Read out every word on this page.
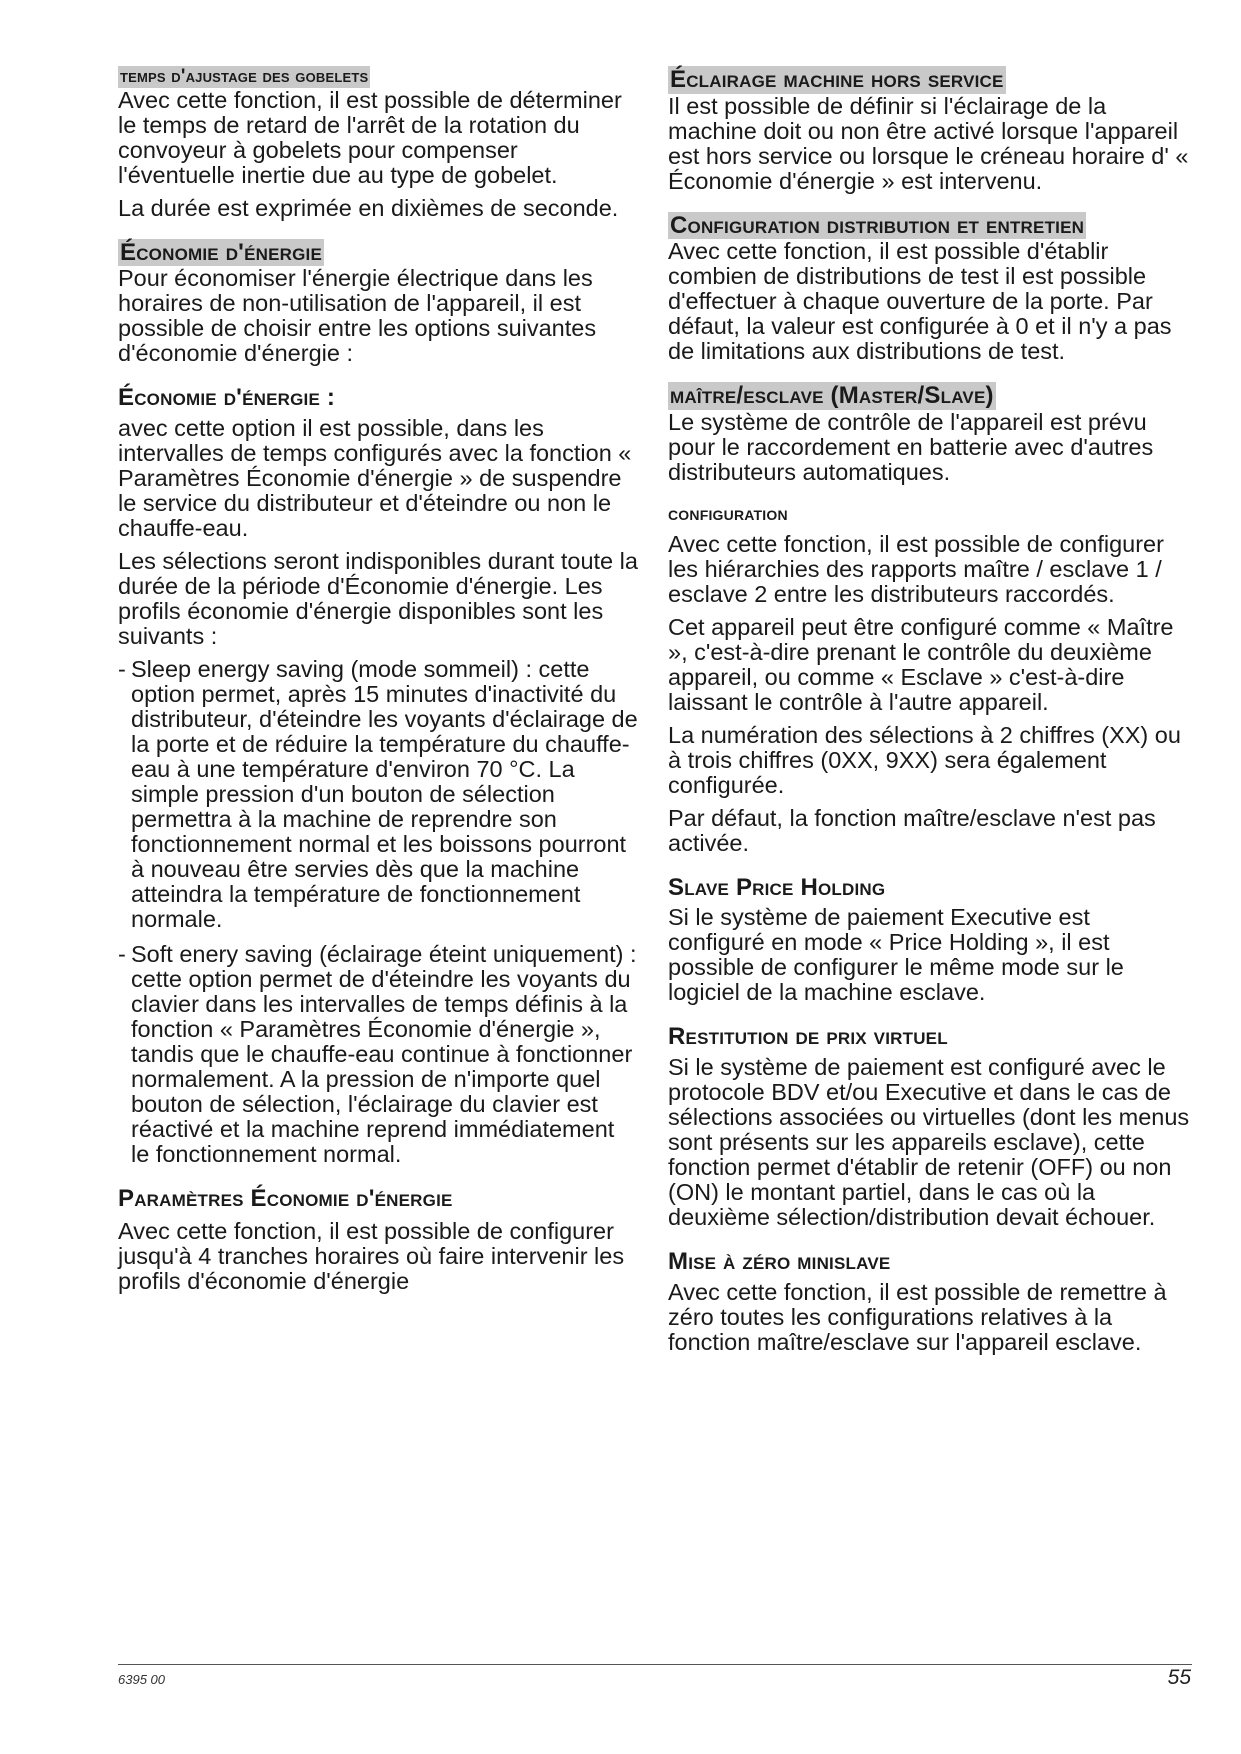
temps d'ajustage des gobelets

Avec cette fonction, il est possible de déterminer le temps de retard de l'arrêt de la rotation du convoyeur à gobelets pour compenser l'éventuelle inertie due au type de gobelet.

La durée est exprimée en dixièmes de seconde.

Économie d'énergie

Pour économiser l'énergie électrique dans les horaires de non-utilisation de l'appareil, il est possible de choisir entre les options suivantes d'économie d'énergie :

Économie d'énergie :

avec cette option il est possible, dans les intervalles de temps configurés avec la fonction « Paramètres Économie d'énergie » de suspendre le service du distributeur et d'éteindre ou non le chauffe-eau.

Les sélections seront indisponibles durant toute la durée de la période d'Économie d'énergie. Les profils économie d'énergie disponibles sont les suivants :

- Sleep energy saving (mode sommeil) : cette option permet, après 15 minutes d'inactivité du distributeur, d'éteindre les voyants d'éclairage de la porte et de réduire la température du chauffe-eau à une température d'environ 70 °C. La simple pression d'un bouton de sélection permettra à la machine de reprendre son fonctionnement normal et les boissons pourront à nouveau être servies dès que la machine atteindra la température de fonctionnement normale.
- Soft enery saving (éclairage éteint uniquement) : cette option permet de d'éteindre les voyants du clavier dans les intervalles de temps définis à la fonction « Paramètres Économie d'énergie », tandis que le chauffe-eau continue à fonctionner normalement. A la pression de n'importe quel bouton de sélection, l'éclairage du clavier est réactivé et la machine reprend immédiatement le fonctionnement normal.
Paramètres Économie d'énergie

Avec cette fonction, il est possible de configurer jusqu'à 4 tranches horaires où faire intervenir les profils d'économie d'énergie

Éclairage machine hors service

Il est possible de définir si l'éclairage de la machine doit ou non être activé lorsque l'appareil est hors service ou lorsque le créneau horaire d' « Économie d'énergie » est intervenu.

Configuration distribution et entretien

Avec cette fonction, il est possible d'établir combien de distributions de test il est possible d'effectuer à chaque ouverture de la porte. Par défaut, la valeur est configurée à 0 et il n'y a pas de limitations aux distributions de test.

maître/esclave (Master/Slave)

Le système de contrôle de l'appareil est prévu pour le raccordement en batterie avec d'autres distributeurs automatiques.

configuration

Avec cette fonction, il est possible de configurer les hiérarchies des rapports maître / esclave 1 / esclave 2 entre les distributeurs raccordés.

Cet appareil peut être configuré comme « Maître », c'est-à-dire prenant le contrôle du deuxième appareil, ou comme « Esclave » c'est-à-dire laissant le contrôle à l'autre appareil.

La numération des sélections à 2 chiffres (XX) ou à trois chiffres (0XX, 9XX) sera également configurée.

Par défaut, la fonction maître/esclave n'est pas activée.

Slave Price Holding

Si le système de paiement Executive est configuré en mode « Price Holding », il est possible de configurer le même mode sur le logiciel de la machine esclave.

Restitution de prix virtuel

Si le système de paiement est configuré avec le protocole BDV et/ou Executive et dans le cas de sélections associées ou virtuelles (dont les menus sont présents sur les appareils esclave), cette fonction permet d'établir de retenir (OFF) ou non (ON) le montant partiel, dans le cas où la deuxième sélection/distribution devait échouer.

Mise à zéro minislave

Avec cette fonction, il est possible de remettre à zéro toutes les configurations relatives à la fonction maître/esclave sur l'appareil esclave.

6395 00	55
